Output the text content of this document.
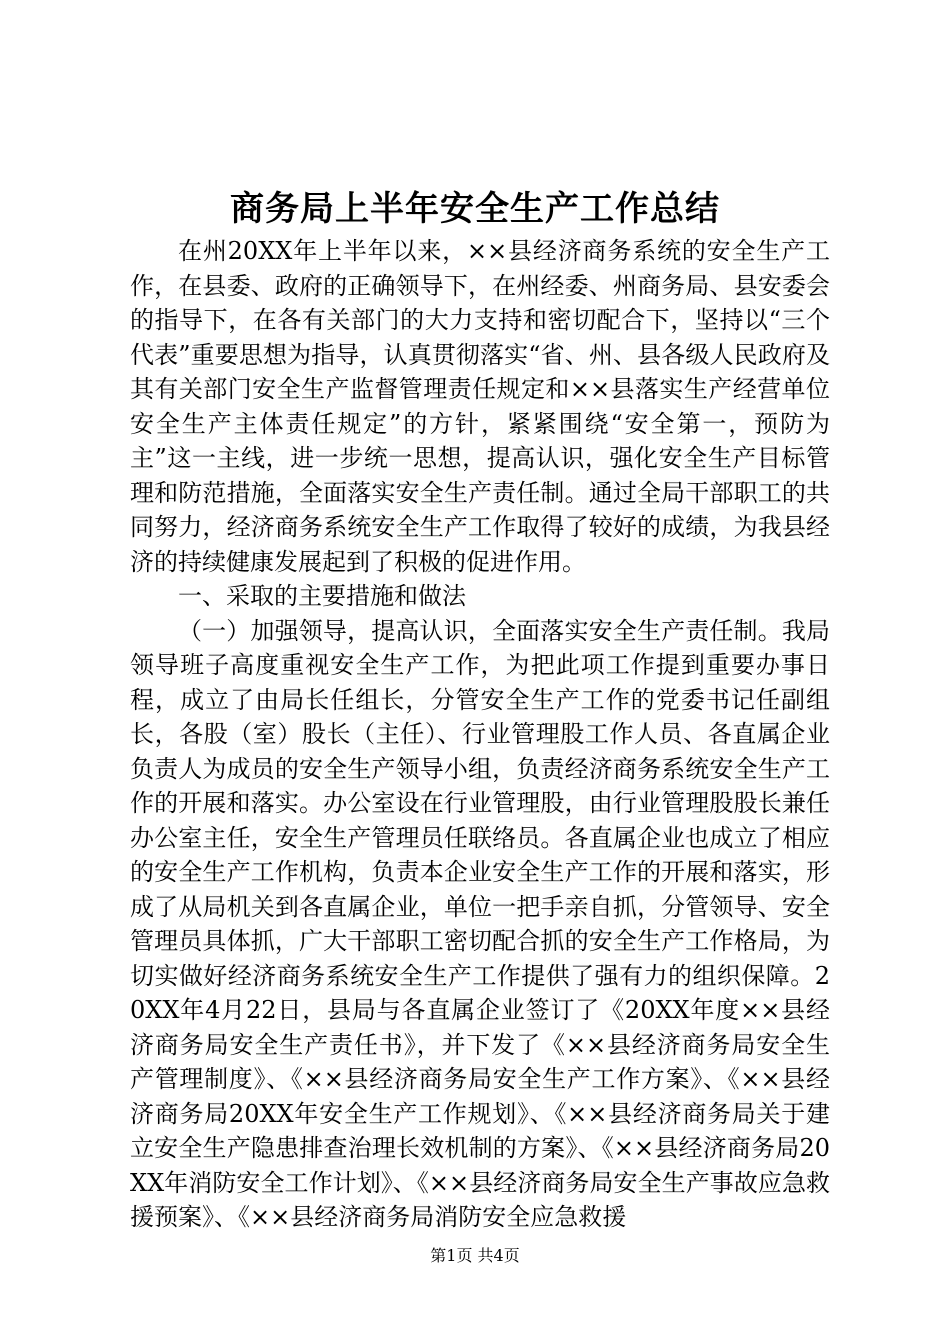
商务局上半年安全生产工作总结

在州20XX年上半年以来，××县经济商务系统的安全生产工作，在县委、政府的正确领导下，在州经委、州商务局、县安委会的指导下，在各有关部门的大力支持和密切配合下，坚持以“三个代表”重要思想为指导，认真贯彻落实“省、州、县各级人民政府及其有关部门安全生产监督管理责任规定和××县落实生产经营单位安全生产主体责任规定”的方针，紧紧围绕“安全第一，预防为主”这一主线，进一步统一思想，提高认识，强化安全生产目标管理和防范措施，全面落实安全生产责任制。通过全局干部职工的共同努力，经济商务系统安全生产工作取得了较好的成绩，为我县经济的持续健康发展起到了积极的促进作用。

一、采取的主要措施和做法

（一）加强领导，提高认识，全面落实安全生产责任制。我局领导班子高度重视安全生产工作，为把此项工作提到重要办事日程，成立了由局长任组长，分管安全生产工作的党委书记任副组长，各股（室）股长（主任）、行业管理股工作人员、各直属企业负责人为成员的安全生产领导小组，负责经济商务系统安全生产工作的开展和落实。办公室设在行业管理股，由行业管理股股长兼任办公室主任，安全生产管理员任联络员。各直属企业也成立了相应的安全生产工作机构，负责本企业安全生产工作的开展和落实，形成了从局机关到各直属企业，单位一把手亲自抓，分管领导、安全管理员具体抓，广大干部职工密切配合抓的安全生产工作格局，为切实做好经济商务系统安全生产工作提供了强有力的组织保障。20XX年4月22日，县局与各直属企业签订了《20XX年度××县经济商务局安全生产责任书》，并下发了《××县经济商务局安全生产管理制度》、《××县经济商务局安全生产工作方案》、《××县经济商务局20XX年安全生产工作规划》、《××县经济商务局关于建立安全生产隐患排查治理长效机制的方案》、《××县经济商务局20XX年消防安全工作计划》、《××县经济商务局安全生产事故应急救援预案》、《××县经济商务局消防安全应急救援

第1页 共4页
